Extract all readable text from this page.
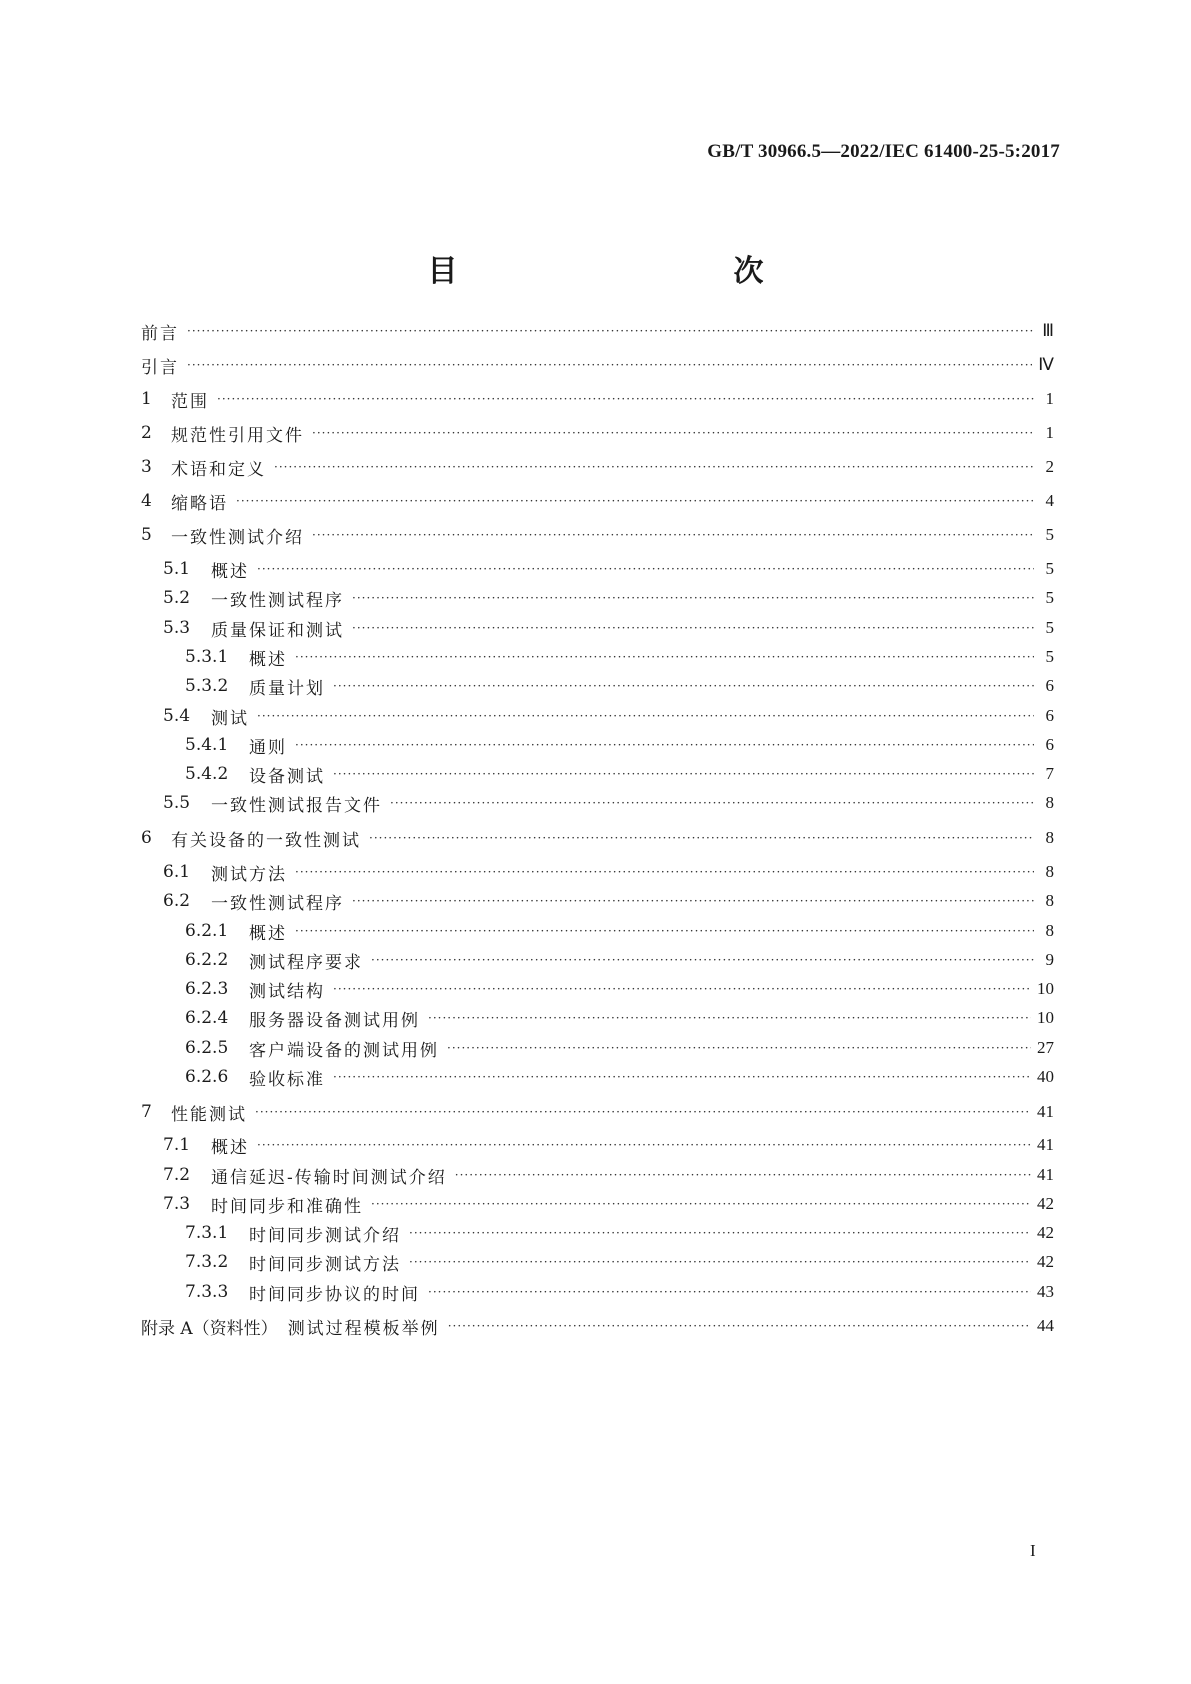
GB/T 30966.5—2022/IEC 61400-25-5:2017
目　　次
前言 ·····	Ⅲ
引言 ·····	Ⅳ
1	范围 ·····	1
2	规范性引用文件 ·····	1
3	术语和定义 ·····	2
4	缩略语 ·····	4
5	一致性测试介绍 ·····	5
5.1	概述 ·····	5
5.2	一致性测试程序 ·····	5
5.3	质量保证和测试 ·····	5
5.3.1	概述 ·····	5
5.3.2	质量计划 ·····	6
5.4	测试 ·····	6
5.4.1	通则 ·····	6
5.4.2	设备测试 ·····	7
5.5	一致性测试报告文件 ·····	8
6	有关设备的一致性测试 ·····	8
6.1	测试方法 ·····	8
6.2	一致性测试程序 ·····	8
6.2.1	概述 ·····	8
6.2.2	测试程序要求 ·····	9
6.2.3	测试结构 ·····	10
6.2.4	服务器设备测试用例 ·····	10
6.2.5	客户端设备的测试用例 ·····	27
6.2.6	验收标准 ·····	40
7	性能测试 ·····	41
7.1	概述 ·····	41
7.2	通信延迟-传输时间测试介绍 ·····	41
7.3	时间同步和准确性 ·····	42
7.3.1	时间同步测试介绍 ·····	42
7.3.2	时间同步测试方法 ·····	42
7.3.3	时间同步协议的时间 ·····	43
附录 A（资料性） 测试过程模板举例 ·····	44
I
